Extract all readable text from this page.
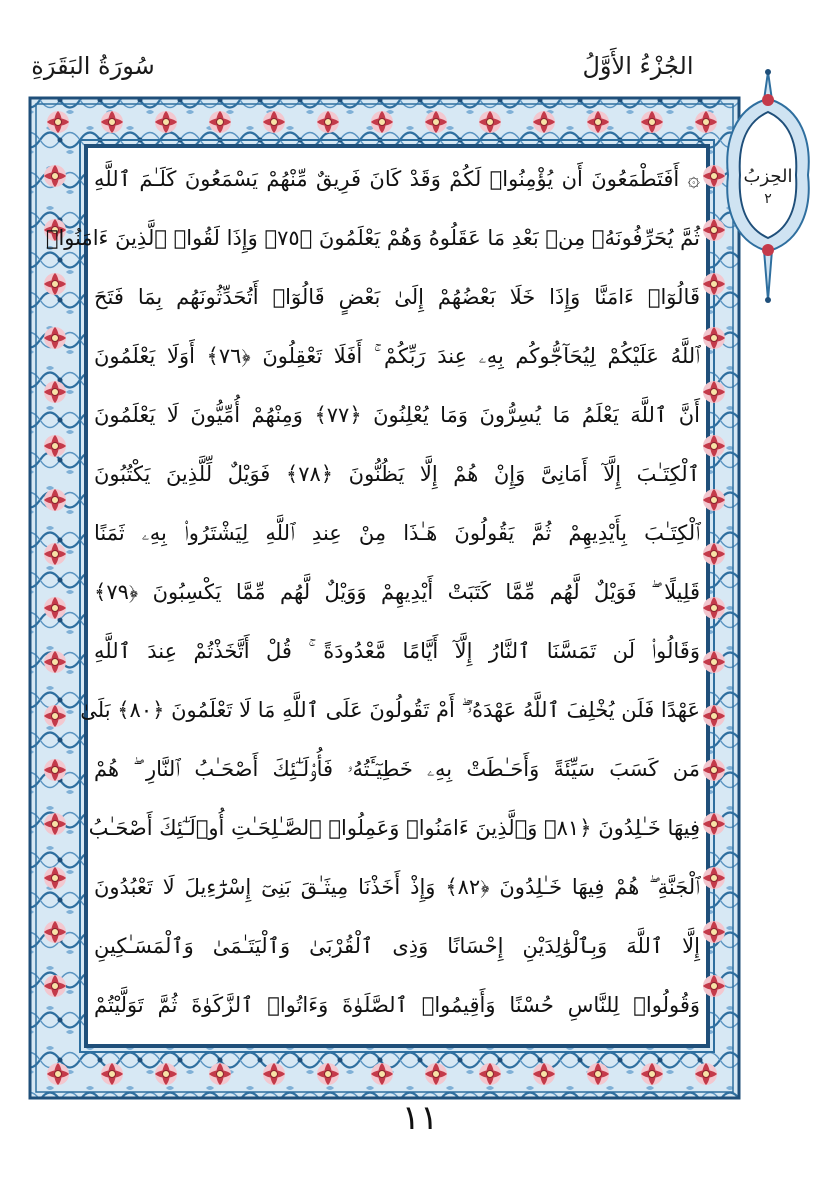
الجُزْءُ الأَوَّلُ
سُورَةُ البَقَرَةِ
الحِزبُ
٢
۞ أَفَتَطْمَعُونَ أَن يُؤْمِنُوا۟ لَكُمْ وَقَدْ كَانَ فَرِيقٌ مِّنْهُمْ يَسْمَعُونَ كَلَـٰمَ ٱللَّهِ
ثُمَّ يُحَرِّفُونَهُۥ مِنۢ بَعْدِ مَا عَقَلُوهُ وَهُمْ يَعْلَمُونَ ﴿٧٥﴾ وَإِذَا لَقُوا۟ ٱلَّذِينَ ءَامَنُوا۟
قَالُوٓا۟ ءَامَنَّا وَإِذَا خَلَا بَعْضُهُمْ إِلَىٰ بَعْضٍ قَالُوٓا۟ أَتُحَدِّثُونَهُم بِمَا فَتَحَ
ٱللَّهُ عَلَيْكُمْ لِيُحَآجُّوكُم بِهِۦ عِندَ رَبِّكُمْ ۚ أَفَلَا تَعْقِلُونَ ﴿٧٦﴾ أَوَلَا يَعْلَمُونَ
أَنَّ ٱللَّهَ يَعْلَمُ مَا يُسِرُّونَ وَمَا يُعْلِنُونَ ﴿٧٧﴾ وَمِنْهُمْ أُمِّيُّونَ لَا يَعْلَمُونَ
ٱلْكِتَـٰبَ إِلَّآ أَمَانِىَّ وَإِنْ هُمْ إِلَّا يَظُنُّونَ ﴿٧٨﴾ فَوَيْلٌ لِّلَّذِينَ يَكْتُبُونَ
ٱلْكِتَـٰبَ بِأَيْدِيهِمْ ثُمَّ يَقُولُونَ هَـٰذَا مِنْ عِندِ ٱللَّهِ لِيَشْتَرُوا۟ بِهِۦ ثَمَنًا
قَلِيلًا ۖ فَوَيْلٌ لَّهُم مِّمَّا كَتَبَتْ أَيْدِيهِمْ وَوَيْلٌ لَّهُم مِّمَّا يَكْسِبُونَ ﴿٧٩﴾
وَقَالُوا۟ لَن تَمَسَّنَا ٱلنَّارُ إِلَّآ أَيَّامًا مَّعْدُودَةً ۚ قُلْ أَتَّخَذْتُمْ عِندَ ٱللَّهِ
عَهْدًا فَلَن يُخْلِفَ ٱللَّهُ عَهْدَهُۥٓ ۖ أَمْ تَقُولُونَ عَلَى ٱللَّهِ مَا لَا تَعْلَمُونَ ﴿٨٠﴾ بَلَىٰ
مَن كَسَبَ سَيِّئَةً وَأَحَـٰطَتْ بِهِۦ خَطِيٓـَٔتُهُۥ فَأُو۟لَـٰٓئِكَ أَصْحَـٰبُ ٱلنَّارِ ۖ هُمْ
فِيهَا خَـٰلِدُونَ ﴿٨١﴾ وَٱلَّذِينَ ءَامَنُوا۟ وَعَمِلُوا۟ ٱلصَّـٰلِحَـٰتِ أُو۟لَـٰٓئِكَ أَصْحَـٰبُ
ٱلْجَنَّةِ ۖ هُمْ فِيهَا خَـٰلِدُونَ ﴿٨٢﴾ وَإِذْ أَخَذْنَا مِيثَـٰقَ بَنِىٓ إِسْرَٰٓءِيلَ لَا تَعْبُدُونَ
إِلَّا ٱللَّهَ وَبِٱلْوَٰلِدَيْنِ إِحْسَانًا وَذِى ٱلْقُرْبَىٰ وَٱلْيَتَـٰمَىٰ وَٱلْمَسَـٰكِينِ
وَقُولُوا۟ لِلنَّاسِ حُسْنًا وَأَقِيمُوا۟ ٱلصَّلَوٰةَ وَءَاتُوا۟ ٱلزَّكَوٰةَ ثُمَّ تَوَلَّيْتُمْ
١١
